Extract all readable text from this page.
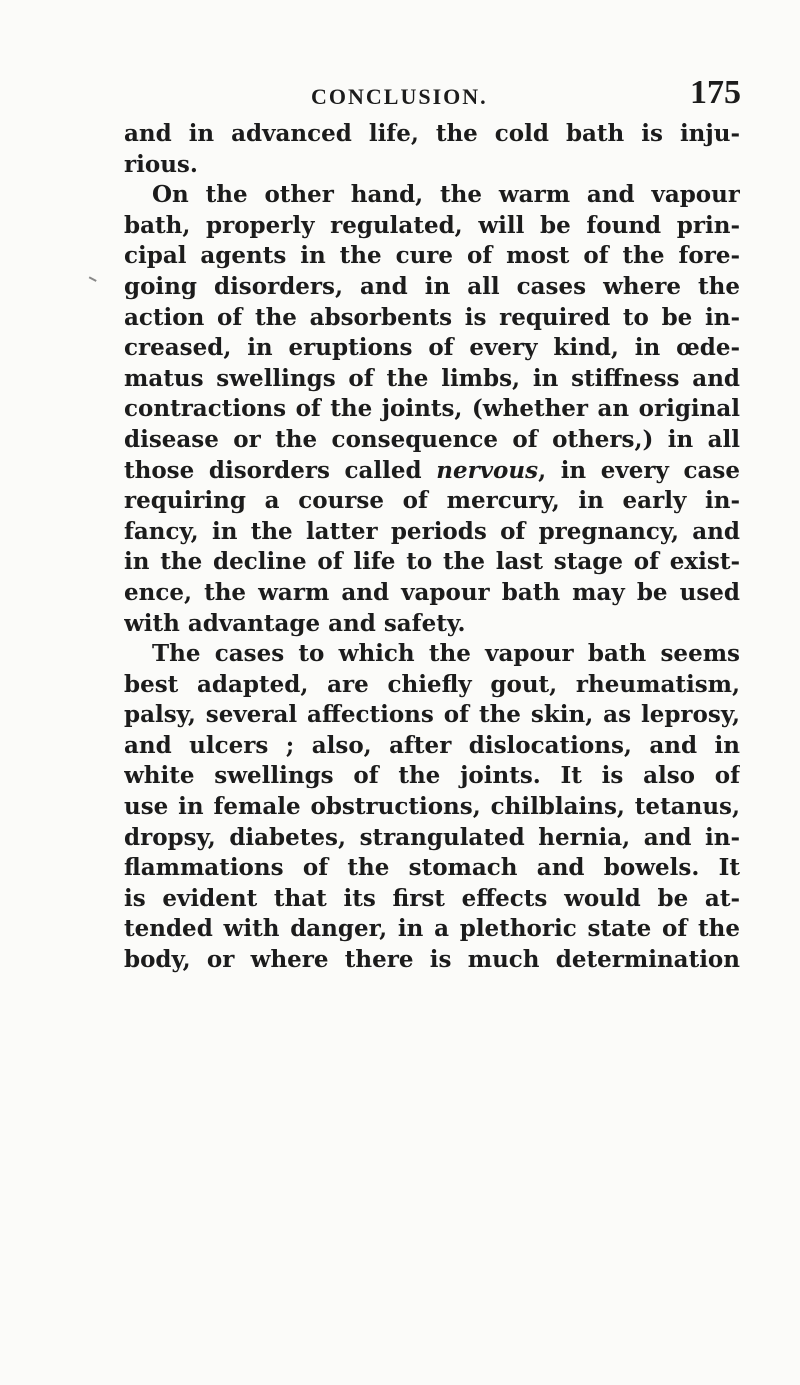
CONCLUSION.	175
and in advanced life, the cold bath is inju-
rious.
On the other hand, the warm and vapour
bath, properly regulated, will be found prin-
cipal agents in the cure of most of the fore-
going disorders, and in all cases where the
action of the absorbents is required to be in-
creased, in eruptions of every kind, in œde-
matus swellings of the limbs, in stiffness and
contractions of the joints, (whether an original
disease or the consequence of others,) in all
those disorders called nervous, in every case
requiring a course of mercury, in early in-
fancy, in the latter periods of pregnancy, and
in the decline of life to the last stage of exist-
ence, the warm and vapour bath may be used
with advantage and safety.
The cases to which the vapour bath seems
best adapted, are chiefly gout, rheumatism,
palsy, several affections of the skin, as leprosy,
and ulcers ; also, after dislocations, and in
white swellings of the joints. It is also of
use in female obstructions, chilblains, tetanus,
dropsy, diabetes, strangulated hernia, and in-
flammations of the stomach and bowels. It
is evident that its first effects would be at-
tended with danger, in a plethoric state of the
body, or where there is much determination
